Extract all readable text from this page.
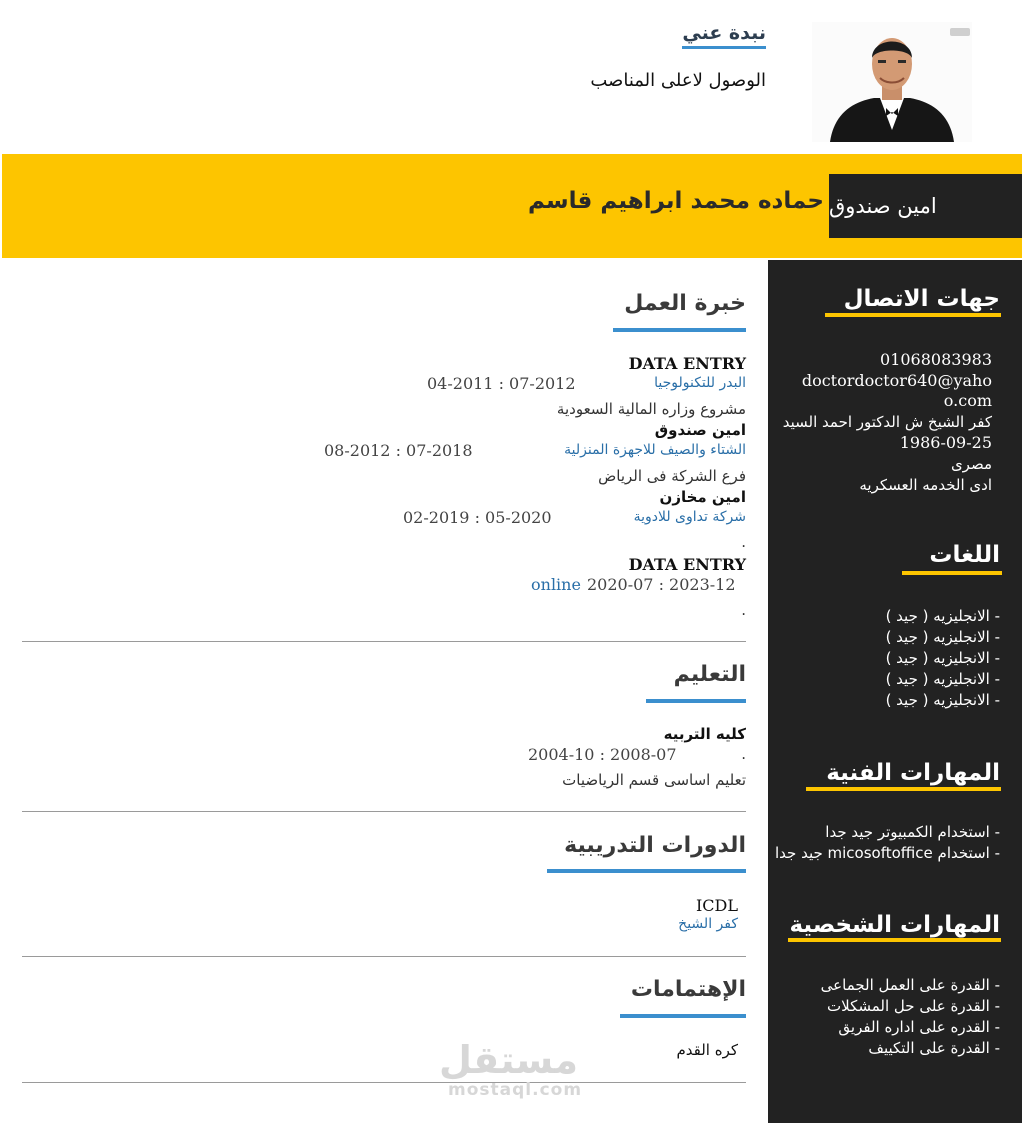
نبدة عني
الوصول لاعلى المناصب
امين صندوق
حماده محمد ابراهيم قاسم
جهات الاتصال
01068083983
doctordoctor640@yaho
o.com
كفر الشيخ ش الدكتور احمد السيد
1986-09-25
مصرى
ادى الخدمه العسكريه
اللغات
- الانجليزيه ( جيد )
- الانجليزيه ( جيد )
- الانجليزيه ( جيد )
- الانجليزيه ( جيد )
- الانجليزيه ( جيد )
المهارات الفنية
- استخدام الكمبيوتر جيد جدا
- استخدام micosoftoffice جيد جدا
المهارات الشخصية
- القدرة على العمل الجماعى
- القدرة على حل المشكلات
- القدره على اداره الفريق
- القدرة على التكييف
خبرة العمل
DATA ENTRY
البدر للتكنولوجيا
04-2011 : 07-2012
مشروع وزاره المالية السعودية
امين صندوق
الشتاء والصيف للاجهزة المنزلية
08-2012 : 07-2018
فرع الشركة فى الرياض
امين مخازن
شركة تداوى للادوية
02-2019 : 05-2020
.
DATA ENTRY
2020-07 : 2023-12
online
.
التعليم
كليه التربيه
.
2004-10 : 2008-07
تعليم اساسى قسم الرياضيات
الدورات التدريبية
ICDL
كفر الشيخ
الإهتمامات
كره القدم
مستقل
mostaql.com
